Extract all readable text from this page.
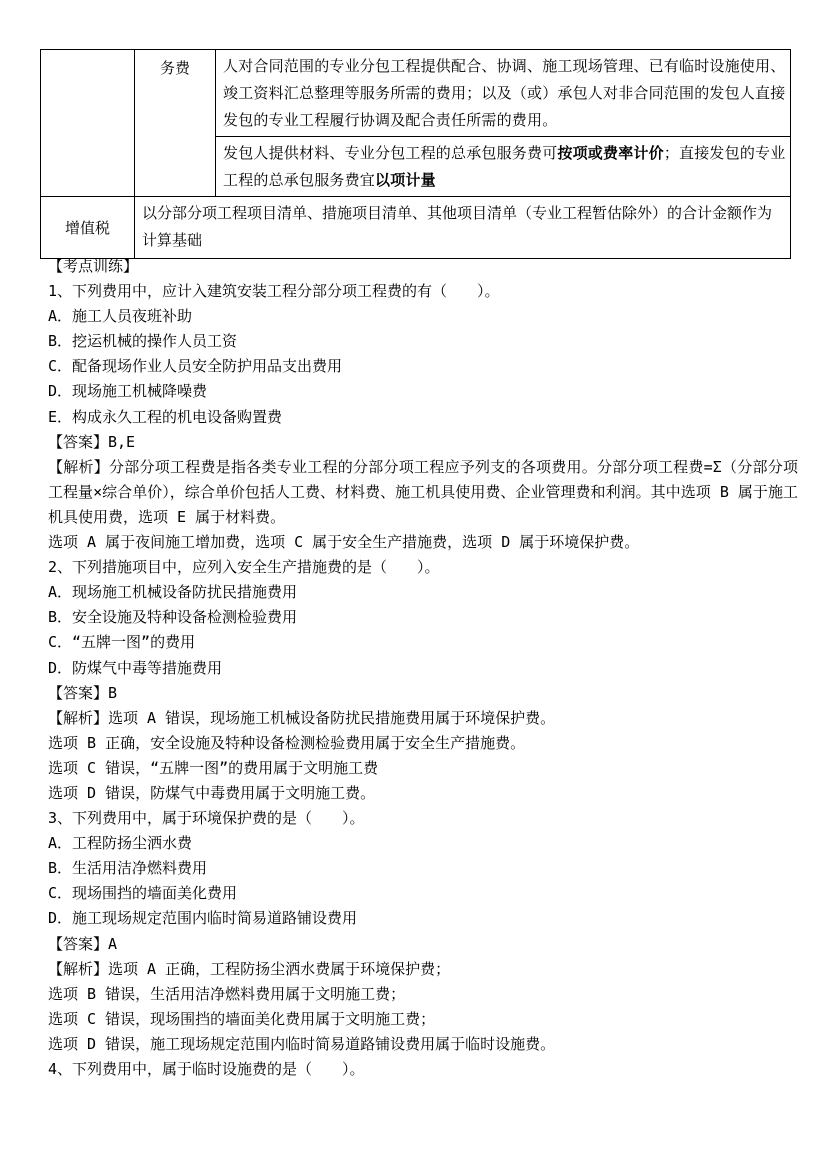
	务费	人对合同范围的专业分包工程提供配合、协调、施工现场管理、已有临时设施使用、竣工资料汇总整理等服务所需的费用；以及（或）承包人对非合同范围的发包人直接发包的专业工程履行协调及配合责任所需的费用。

		发包人提供材料、专业分包工程的总承包服务费可按项或费率计价；直接发包的专业工程的总承包服务费宜以项计量

增值税	以分部分项工程项目清单、措施项目清单、其他项目清单（专业工程暂估除外）的合计金额作为计算基础	

【考点训练】

1、下列费用中，应计入建筑安装工程分部分项工程费的有（　　）。

A．施工人员夜班补助

B．挖运机械的操作人员工资

C．配备现场作业人员安全防护用品支出费用

D．现场施工机械降噪费

E．构成永久工程的机电设备购置费

【答案】B,E

【解析】分部分项工程费是指各类专业工程的分部分项工程应予列支的各项费用。分部分项工程费=Σ（分部分项工程量×综合单价），综合单价包括人工费、材料费、施工机具使用费、企业管理费和利润。其中选项 B 属于施工机具使用费，选项 E 属于材料费。

选项 A 属于夜间施工增加费，选项 C 属于安全生产措施费，选项 D 属于环境保护费。

2、下列措施项目中，应列入安全生产措施费的是（　　）。

A．现场施工机械设备防扰民措施费用

B．安全设施及特种设备检测检验费用

C．“五牌一图”的费用

D．防煤气中毒等措施费用

【答案】B

【解析】选项 A 错误，现场施工机械设备防扰民措施费用属于环境保护费。

选项 B 正确，安全设施及特种设备检测检验费用属于安全生产措施费。

选项 C 错误，“五牌一图”的费用属于文明施工费

选项 D 错误，防煤气中毒费用属于文明施工费。

3、下列费用中，属于环境保护费的是（　　）。

A．工程防扬尘洒水费

B．生活用洁净燃料费用

C．现场围挡的墙面美化费用

D．施工现场规定范围内临时简易道路铺设费用

【答案】A

【解析】选项 A 正确，工程防扬尘洒水费属于环境保护费；

选项 B 错误，生活用洁净燃料费用属于文明施工费；

选项 C 错误，现场围挡的墙面美化费用属于文明施工费；

选项 D 错误，施工现场规定范围内临时简易道路铺设费用属于临时设施费。

4、下列费用中，属于临时设施费的是（　　）。
